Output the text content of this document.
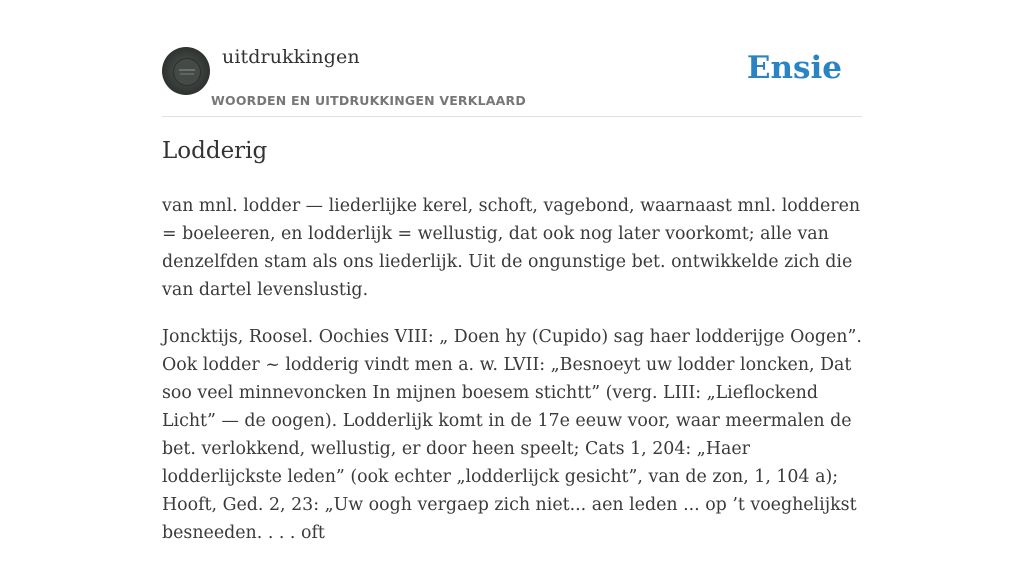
uitdrukkingen
WOORDEN EN UITDRUKKINGEN VERKLAARD
Ensie
Lodderig

van mnl. lodder — liederlijke kerel, schoft, vagebond, waarnaast mnl. lodderen = boeleeren, en lodderlijk = wellustig, dat ook nog later voorkomt; alle van denzelfden stam als ons liederlijk. Uit de ongunstige bet. ontwikkelde zich die van dartel levenslustig.

Joncktijs, Roosel. Oochies VIII: „ Doen hy (Cupido) sag haer lodderijge Oogen”. Ook lodder ~ lodderig vindt men a. w. LVII: „Besnoeyt uw lodder loncken, Dat soo veel minnevoncken In mijnen boesem stichtt” (verg. LIII: „Lieflockend Licht” — de oogen). Lodderlijk komt in de 17e eeuw voor, waar meermalen de bet. verlokkend, wellustig, er door heen speelt; Cats 1, 204: „Haer lodderlijckste leden” (ook echter „lodderlijck gesicht”, van de zon, 1, 104 a); Hooft, Ged. 2, 23: „Uw oogh vergaep zich niet... aen leden ... op ’t voeghelijkst besneeden. . . . oft
